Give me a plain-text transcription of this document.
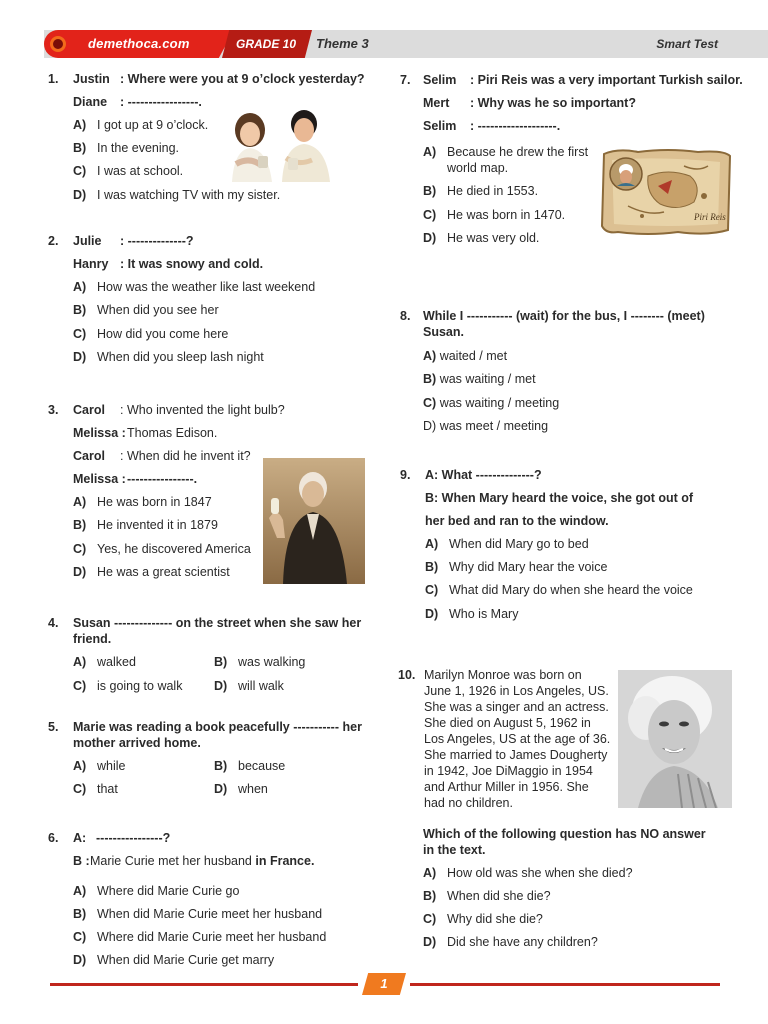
demethoca.com	GRADE 10 Theme 3	Smart Test
1. Justin : Where were you at 9 o’clock yesterday?
Diane : -----------------.
A) I got up at 9 o’clock.
B) In the evening.
C) I was at school.
D) I was watching TV with my sister.
2. Julie : --------------?
Hanry : It was snowy and cold.
A) How was the weather like last weekend
B) When did you see her
C) How did you come here
D) When did you sleep lash night
3. Carol : Who invented the light bulb?
Melissa : Thomas Edison.
Carol : When did he invent it?
Melissa : ----------------.
A) He was born in 1847
B) He invented it in 1879
C) Yes, he discovered America
D) He was a great scientist
4. Susan -------------- on the street when she saw her
friend.
A) walked	B) was walking
C) is going to walk	D) will walk
5. Marie was reading a book peacefully ----------- her
mother arrived home.
A) while	B) because
C) that	D) when
6. A: ----------------?
B : Marie Curie met her husband in France.
A) Where did Marie Curie go
B) When did Marie Curie meet her husband
C) Where did Marie Curie meet her husband
D) When did Marie Curie get marry
7. Selim : Piri Reis was a very important Turkish sailor.
Mert : Why was he so important?
Selim : -------------------.
A) Because he drew the first
world map.
B) He died in 1553.
C) He was born in 1470.
D) He was very old.
Piri Reis
8. While I ----------- (wait) for the bus, I -------- (meet)
Susan.
A) waited / met
B) was waiting / met
C) was waiting / meeting
D) was meet / meeting
9. A: What --------------?
B: When Mary heard the voice, she got out of
her bed and ran to the window.
A) When did Mary go to bed
B) Why did Mary hear the voice
C) What did Mary do when she heard the voice
D) Who is Mary
10. Marilyn Monroe was born on
June 1, 1926 in Los Angeles, US.
She was a singer and an actress.
She died on August 5, 1962 in
Los Angeles, US at the age of 36.
She married to James Dougherty
in 1942, Joe DiMaggio in 1954
and Arthur Miller in 1956. She
had no children.
Which of the following question has NO answer
in the text.
A) How old was she when she died?
B) When did she die?
C) Why did she die?
D) Did she have any children?
1
